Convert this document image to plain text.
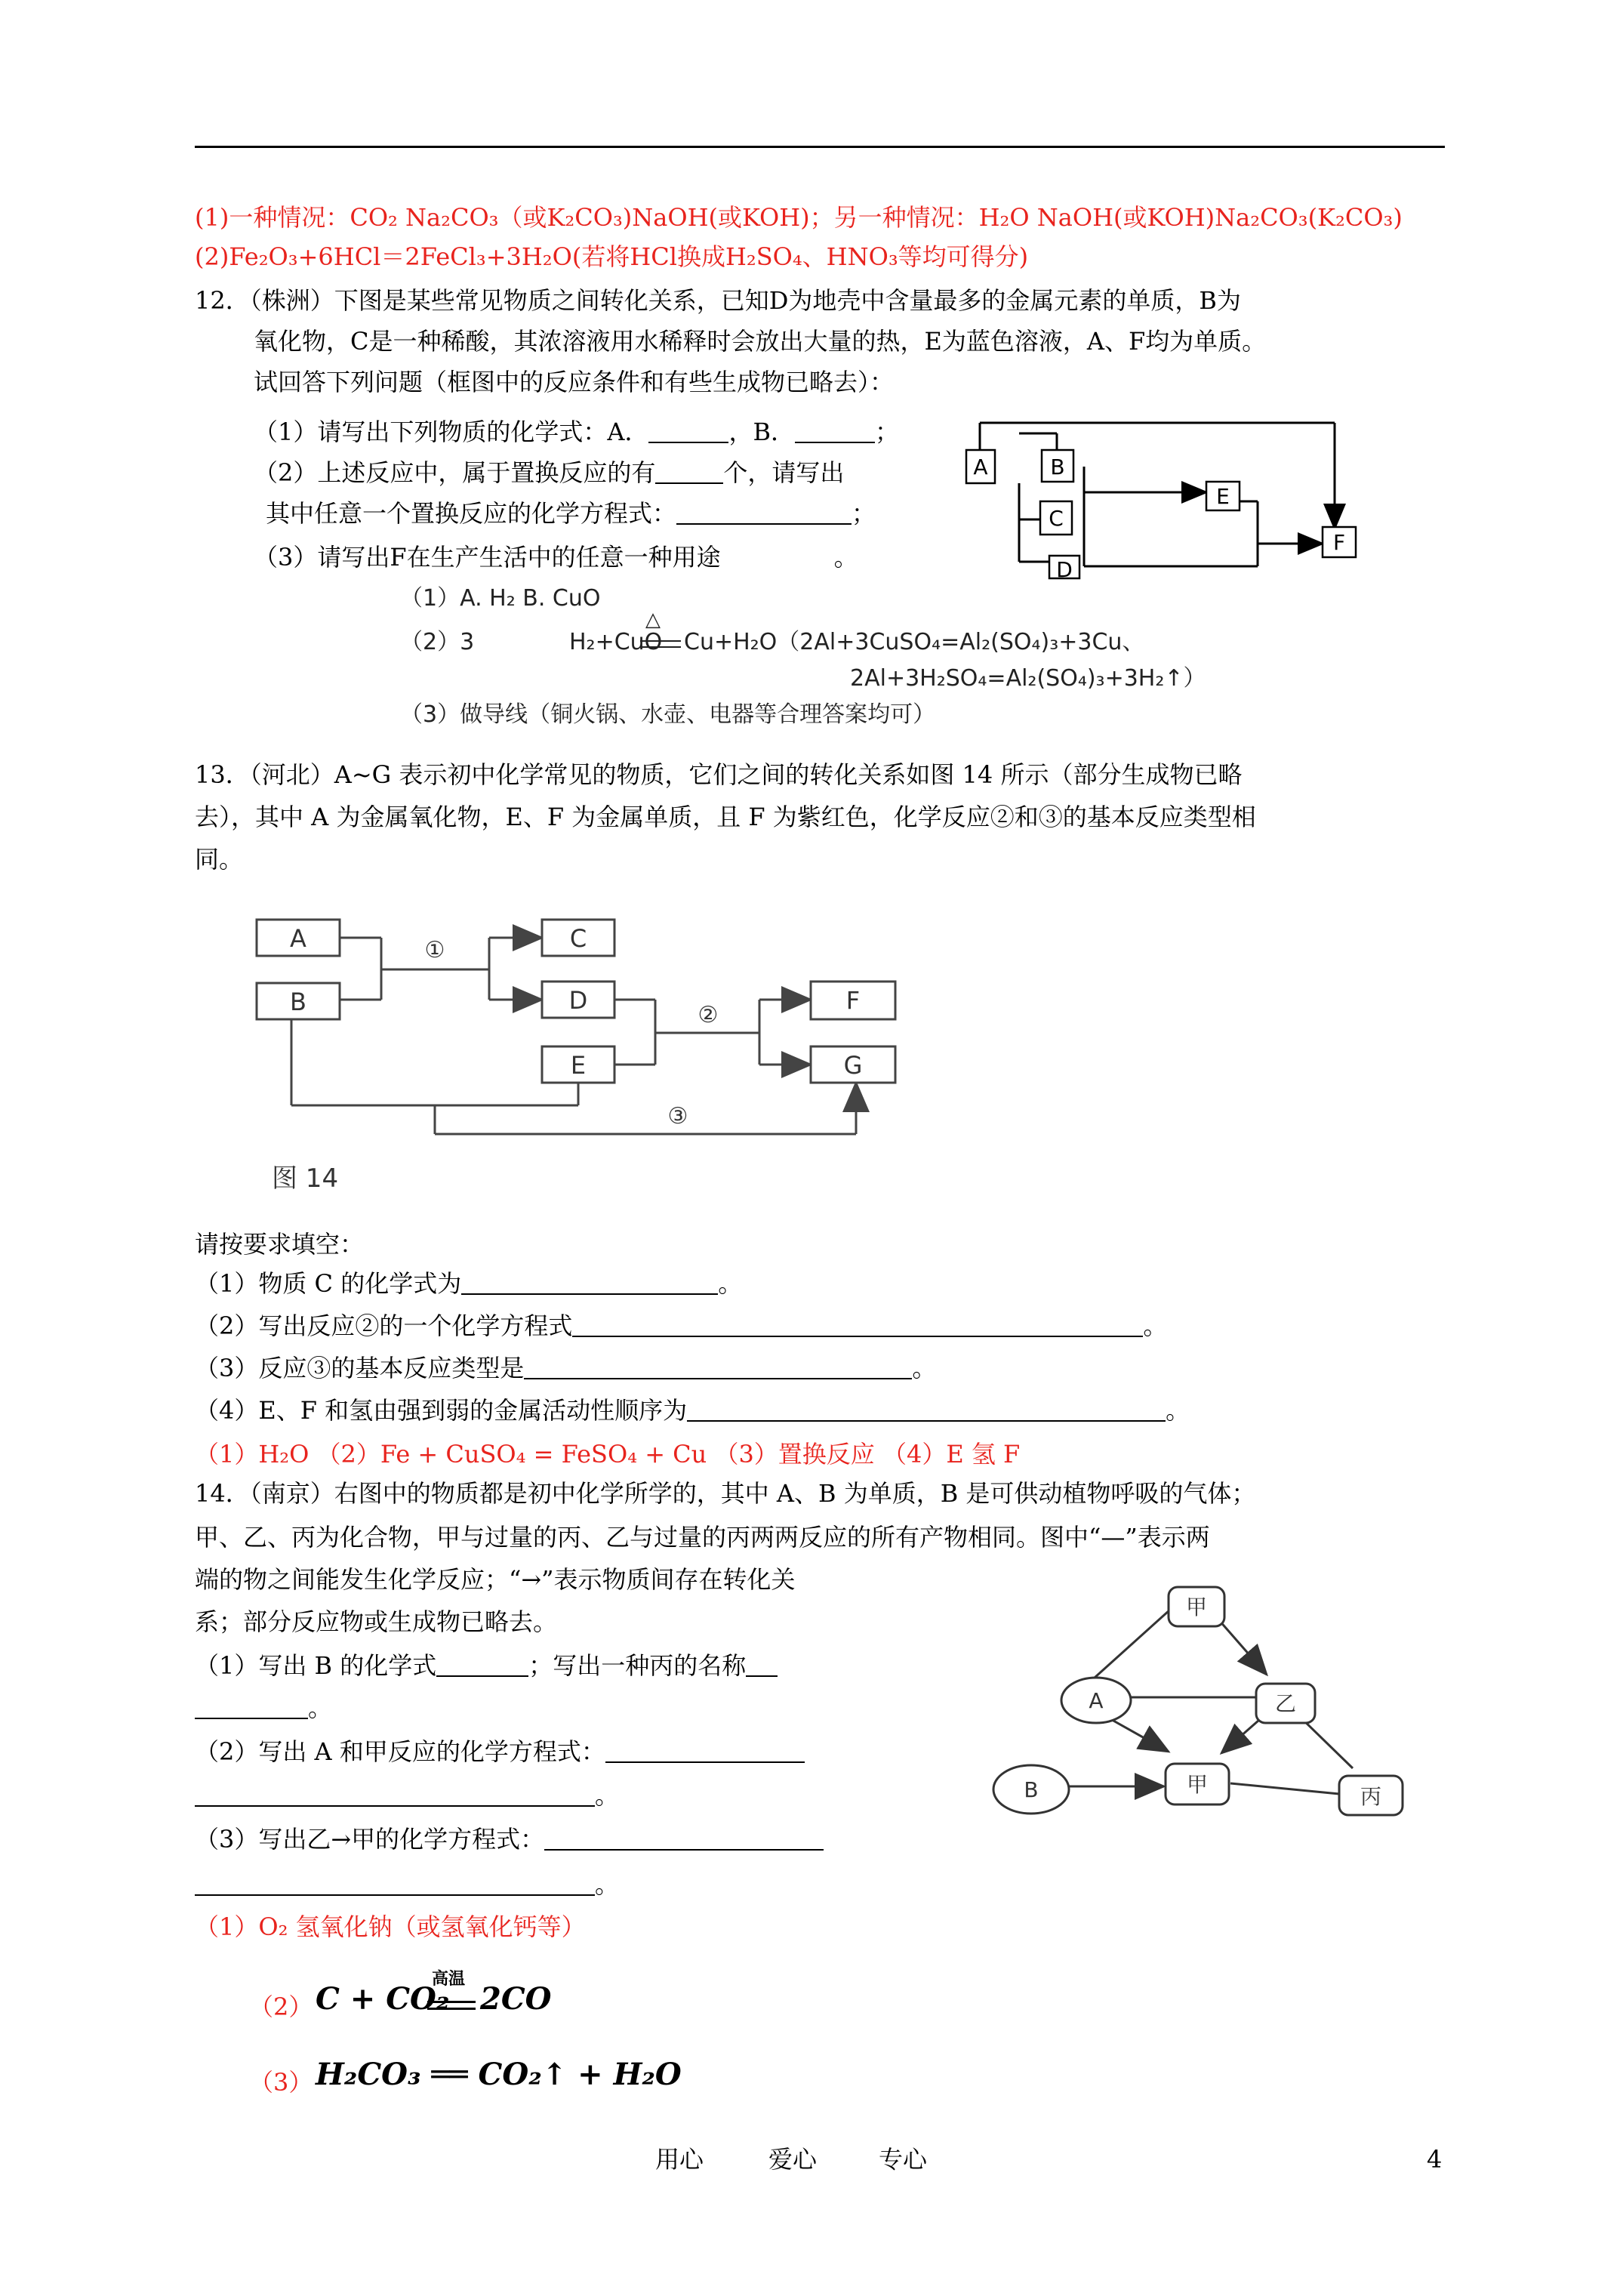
(1)一种情况：CO₂ Na₂CO₃（或K₂CO₃)NaOH(或KOH)；另一种情况：H₂O NaOH(或KOH)Na₂CO₃(K₂CO₃)
(2)Fe₂O₃+6HCl＝2FeCl₃+3H₂O(若将HCl换成H₂SO₄、HNO₃等均可得分)
12．（株洲）下图是某些常见物质之间转化关系，已知D为地壳中含量最多的金属元素的单质，B为
氧化物，C是一种稀酸，其浓溶液用水稀释时会放出大量的热，E为蓝色溶液，A、F均为单质。
试回答下列问题（框图中的反应条件和有些生成物已略去）：
（1）请写出下列物质的化学式：A．	，B．	；
（2）上述反应中，属于置换反应的有	个，请写出
其中任意一个置换反应的化学方程式：	；
（3）请写出F在生产生活中的任意一种用途	。
A	B
C
D
E
F
（1）A. H₂ B. CuO
（2）3	H₂+CuO
△
Cu+H₂O（2Al+3CuSO₄=Al₂(SO₄)₃+3Cu、
2Al+3H₂SO₄=Al₂(SO₄)₃+3H₂↑）
（3）做导线（铜火锅、水壶、电器等合理答案均可）
13．（河北）A~G 表示初中化学常见的物质，它们之间的转化关系如图 14 所示（部分生成物已略
去），其中 A 为金属氧化物，E、F 为金属单质，且 F 为紫红色，化学反应②和③的基本反应类型相
同。
A
B
C
D
E
F
G
①
②
③
图 14
请按要求填空：
（1）物质 C 的化学式为	。
（2）写出反应②的一个化学方程式	。
（3）反应③的基本反应类型是	。
（4）E、F 和氢由强到弱的金属活动性顺序为	。
（1）H₂O （2）Fe + CuSO₄ = FeSO₄ + Cu （3）置换反应 （4）E 氢 F
14．（南京）右图中的物质都是初中化学所学的，其中 A、B 为单质，B 是可供动植物呼吸的气体；
甲、乙、丙为化合物，甲与过量的丙、乙与过量的丙两两反应的所有产物相同。图中“—”表示两
端的物之间能发生化学反应；“→”表示物质间存在转化关
系；部分反应物或生成物已略去。
（1）写出 B 的化学式	；写出一种丙的名称
。
（2）写出 A 和甲反应的化学方程式：
。
（3）写出乙→甲的化学方程式：
。
甲
A	乙
B	甲	丙
（1）O₂ 氢氧化钠（或氢氧化钙等）
（2） C + CO₂
高温
2CO
（3） H₂CO₃ ══ CO₂↑ + H₂O
用心	爱心	专心	4
